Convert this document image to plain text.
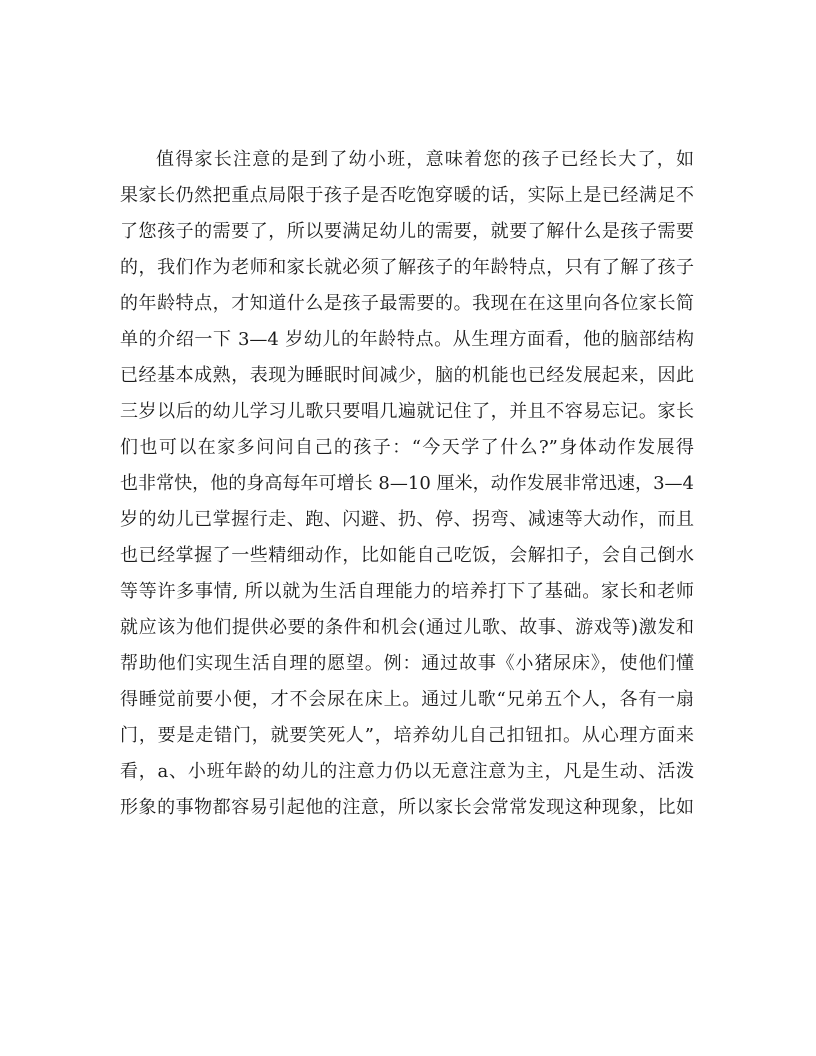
值得家长注意的是到了幼小班，意味着您的孩子已经长大了，如
果家长仍然把重点局限于孩子是否吃饱穿暖的话，实际上是已经满足不
了您孩子的需要了，所以要满足幼儿的需要，就要了解什么是孩子需要
的，我们作为老师和家长就必须了解孩子的年龄特点，只有了解了孩子
的年龄特点，才知道什么是孩子最需要的。我现在在这里向各位家长简
单的介绍一下 3—4 岁幼儿的年龄特点。从生理方面看，他的脑部结构
已经基本成熟，表现为睡眠时间减少，脑的机能也已经发展起来，因此
三岁以后的幼儿学习儿歌只要唱几遍就记住了，并且不容易忘记。家长
们也可以在家多问问自己的孩子：“今天学了什么?”身体动作发展得
也非常快，他的身高每年可增长 8—10 厘米，动作发展非常迅速，3—4
岁的幼儿已掌握行走、跑、闪避、扔、停、拐弯、减速等大动作，而且
也已经掌握了一些精细动作，比如能自己吃饭，会解扣子，会自己倒水
等等许多事情, 所以就为生活自理能力的培养打下了基础。家长和老师
就应该为他们提供必要的条件和机会(通过儿歌、故事、游戏等)激发和
帮助他们实现生活自理的愿望。例：通过故事《小猪尿床》，使他们懂
得睡觉前要小便，才不会尿在床上。通过儿歌“兄弟五个人，各有一扇
门，要是走错门，就要笑死人”，培养幼儿自己扣钮扣。从心理方面来
看，a、小班年龄的幼儿的注意力仍以无意注意为主，凡是生动、活泼
形象的事物都容易引起他的注意，所以家长会常常发现这种现象，比如
